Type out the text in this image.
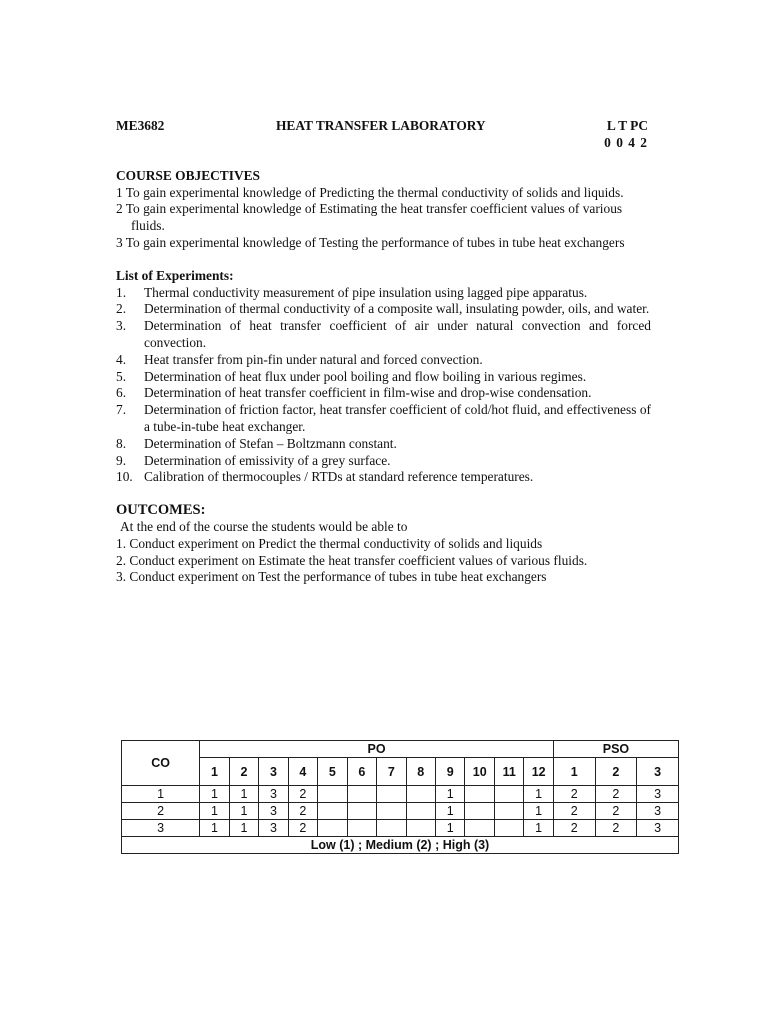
ME3682	HEAT TRANSFER LABORATORY	L T PC
0 0 4 2
COURSE OBJECTIVES
1 To gain experimental knowledge of Predicting the thermal conductivity of solids and liquids.
2 To gain experimental knowledge of Estimating the heat transfer coefficient values of various fluids.
3 To gain experimental knowledge of Testing the performance of tubes in tube heat exchangers
List of Experiments:
1.	Thermal conductivity measurement of pipe insulation using lagged pipe apparatus.
2.	Determination of thermal conductivity of a composite wall, insulating powder, oils, and water.
3.	Determination of heat transfer coefficient of air under natural convection and forced convection.
4.	Heat transfer from pin-fin under natural and forced convection.
5.	Determination of heat flux under pool boiling and flow boiling in various regimes.
6.	Determination of heat transfer coefficient in film-wise and drop-wise condensation.
7.	Determination of friction factor, heat transfer coefficient of cold/hot fluid, and effectiveness of a tube-in-tube heat exchanger.
8.	Determination of Stefan – Boltzmann constant.
9.	Determination of emissivity of a grey surface.
10. Calibration of thermocouples / RTDs at standard reference temperatures.
OUTCOMES:
At the end of the course the students would be able to
1. Conduct experiment on Predict the thermal conductivity of solids and liquids
2. Conduct experiment on Estimate the heat transfer coefficient values of various fluids.
3. Conduct experiment on Test the performance of tubes in tube heat exchangers
CO	PO												PSO		
	1	2	3	4	5	6	7	8	9	10	11	12	1	2	3
1	1	1	3	2					1			1	2	2	3
2	1	1	3	2					1			1	2	2	3
3	1	1	3	2					1			1	2	2	3
Low (1) ; Medium (2) ; High (3)															
